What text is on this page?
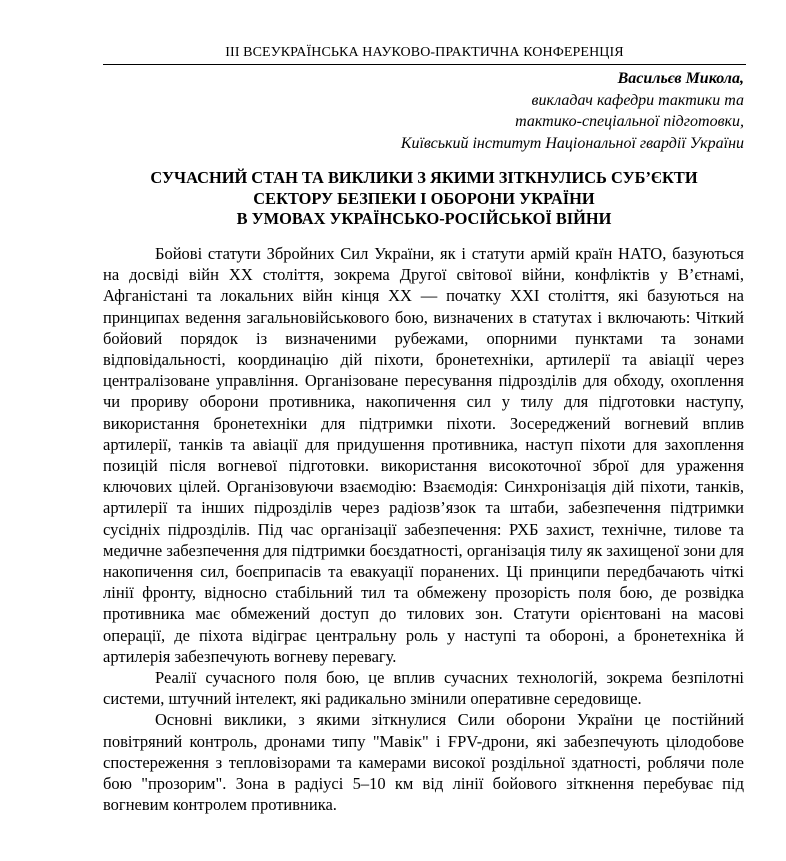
ІІІ ВСЕУКРАЇНСЬКА НАУКОВО-ПРАКТИЧНА КОНФЕРЕНЦІЯ
Васильєв Микола,
викладач кафедри тактики та
тактико-спеціальної підготовки,
Київський інститут Національної гвардії України
СУЧАСНИЙ СТАН ТА ВИКЛИКИ З ЯКИМИ ЗІТКНУЛИСЬ СУБ’ЄКТИ
СЕКТОРУ БЕЗПЕКИ І ОБОРОНИ УКРАЇНИ
В УМОВАХ УКРАЇНСЬКО-РОСІЙСЬКОЇ ВІЙНИ

Бойові статути Збройних Сил України, як і статути армій країн НАТО, базуються на досвіді війн ХХ століття, зокрема Другої світової війни, конфліктів у В’єтнамі, Афганістані та локальних війн кінця ХХ — початку ХХІ століття, які базуються на принципах ведення загальновійськового бою, визначених в статутах і включають: Чіткий бойовий порядок із визначеними рубежами, опорними пунктами та зонами відповідальності, координацію дій піхоти, бронетехніки, артилерії та авіації через централізоване управління. Організоване пересування підрозділів для обходу, охоплення чи прориву оборони противника, накопичення сил у тилу для підготовки наступу, використання бронетехніки для підтримки піхоти. Зосереджений вогневий вплив артилерії, танків та авіації для придушення противника, наступ піхоти для захоплення позицій після вогневої підготовки. використання високоточної зброї для ураження ключових цілей. Організовуючи взаємодію: Взаємодія: Синхронізація дій піхоти, танків, артилерії та інших підрозділів через радіозв’язок та штаби, забезпечення підтримки сусідніх підрозділів. Під час організації забезпечення: РХБ захист, технічне, тилове та медичне забезпечення для підтримки боєздатності, організація тилу як захищеної зони для накопичення сил, боєприпасів та евакуації поранених. Ці принципи передбачають чіткі лінії фронту, відносно стабільний тил та обмежену прозорість поля бою, де розвідка противника має обмежений доступ до тилових зон. Статути орієнтовані на масові операції, де піхота відіграє центральну роль у наступі та обороні, а бронетехніка й артилерія забезпечують вогневу перевагу.

Реалії сучасного поля бою, це вплив сучасних технологій, зокрема безпілотні системи, штучний інтелект, які радикально змінили оперативне середовище.

Основні виклики, з якими зіткнулися Сили оборони України це постійний повітряний контроль, дронами типу "Мавік" і FPV-дрони, які забезпечують цілодобове спостереження з тепловізорами та камерами високої роздільної здатності, роблячи поле бою "прозорим". Зона в радіусі 5–10 км від лінії бойового зіткнення перебуває під вогневим контролем противника.
